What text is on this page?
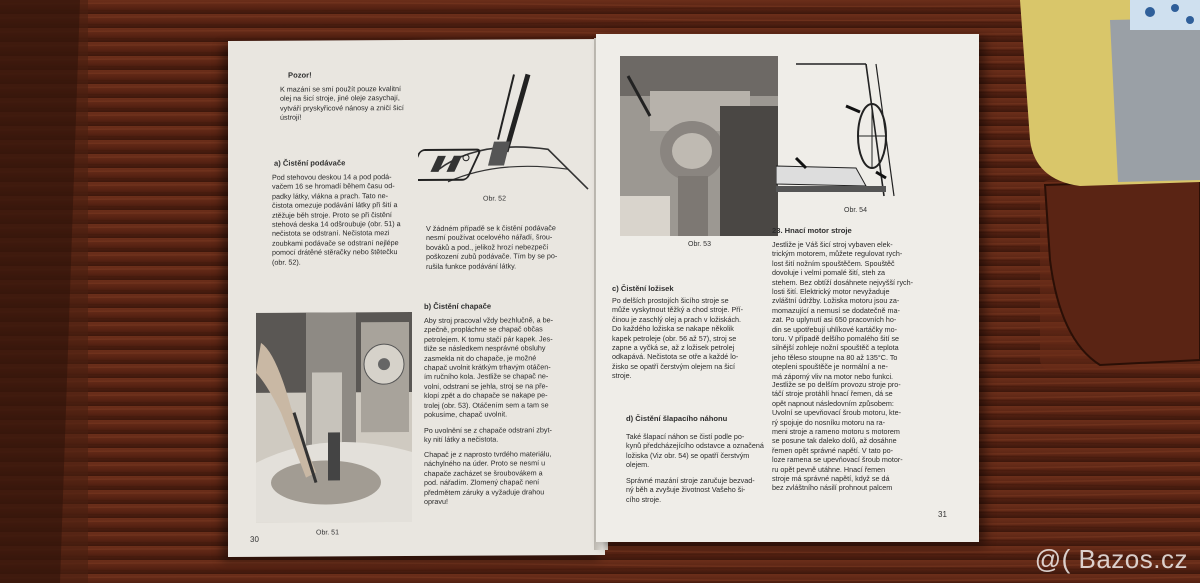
Pozor!
K mazání se smí použít pouze kvalitní
olej na šicí stroje, jiné oleje zasychají,
vytváří pryskyřicové nánosy a zničí šicí
ústrojí!
a) Čistění podávače
Pod stehovou deskou 14 a pod podá-
vačem 16 se hromadí během času od-
padky látky, vlákna a prach. Tato ne-
čistota omezuje podávání látky při šití a
ztěžuje běh stroje. Proto se při čistění
stehová deska 14 odšroubuje (obr. 51) a
nečistota se odstraní. Nečistota mezi
zoubkami podávače se odstraní nejlépe
pomocí drátěné stěračky nebo štětečku
(obr. 52).
Obr. 52
V žádném případě se k čistění podávače
nesmí používat ocelového nářadí, šrou-
bováků a pod., jelikož hrozí nebezpečí
poškození zubů podávače. Tím by se po-
rušila funkce podávání látky.
b) Čistění chapače
Aby stroj pracoval vždy bezhlučně, a be-
zpečně, propláchne se chapač občas
petrolejem. K tomu stačí pár kapek. Jes-
tliže se následkem nesprávné obsluhy
zasmekla nit do chapače, je možné
chapač uvolnit krátkým trhavým otáčen-
ím ručního kola. Jestliže se chapač ne-
volní, odstraní se jehla, stroj se na pře-
klopí zpět a do chapače se nakape pe-
trolej (obr. 53). Otáčením sem a tam se
pokusíme, chapač uvolnit.
Po uvolnění se z chapače odstraní zbyt-
ky nití látky a nečistota.
Chapač je z naprosto tvrdého materiálu,
náchylného na úder. Proto se nesmí u
chapače zacházet se šroubovákem a
pod. nářadím. Zlomený chapač není
předmětem záruky a vyžaduje drahou
opravu!
Obr. 51
30
Obr. 53
Obr. 54
c) Čistění ložisek
Po delších prostojích šicího stroje se
může vyskytnout těžký a chod stroje. Pří-
činou je zaschlý olej a prach v ložiskách.
Do každého ložiska se nakape několik
kapek petroleje (obr. 56 až 57), stroj se
zapne a vyčká se, až z ložisek petrolej
odkapává. Nečistota se otře a každé lo-
žisko se opatří čerstvým olejem na šicí
stroje.
d) Čistění šlapacího náhonu
Také šlapací náhon se čistí podle po-
kynů předcházejícího odstavce a označená
ložiska (Viz obr. 54) se opatří čerstvým
olejem.
Správné mazání stroje zaručuje bezvad-
ný běh a zvyšuje životnost Vašeho ši-
cího stroje.
23. Hnací motor stroje
Jestliže je Váš šicí stroj vybaven elek-
trickým motorem, můžete regulovat rych-
lost šití nožním spouštěčem. Spouštěč
dovoluje i velmi pomalé šití, steh za
stehem. Bez obtíží dosáhnete nejvyšší rych-
losti šití. Elektrický motor nevyžaduje
zvláštní údržby. Ložiska motoru jsou za-
momazující a nemusí se dodatečně ma-
zat. Po uplynutí asi 650 pracovních ho-
din se upotřebují uhlíkové kartáčky mo-
toru. V případě delšího pomalého šití se
silnější zohleje nožní spouštěč a teplota
jeho těleso stoupne na 80 až 135°C. To
otepleni spouštěče je normální a ne-
má záporný vliv na motor nebo funkci.
Jestliže se po delším provozu stroje pro-
táčí stroje protáhlí hnací řemen, dá se
opět napnout následovním způsobem:
Uvolní se upevňovací šroub motoru, kte-
rý spojuje do nosníku motoru na ra-
meni stroje a rameno motoru s motorem
se posune tak daleko dolů, až dosáhne
řemen opět správné napětí. V tato po-
loze ramena se upevňovací šroub motor-
ru opět pevně utáhne. Hnací řemen
stroje má správné napětí, když se dá
bez zvláštního násilí prohnout palcem
31
@( Bazos.cz
